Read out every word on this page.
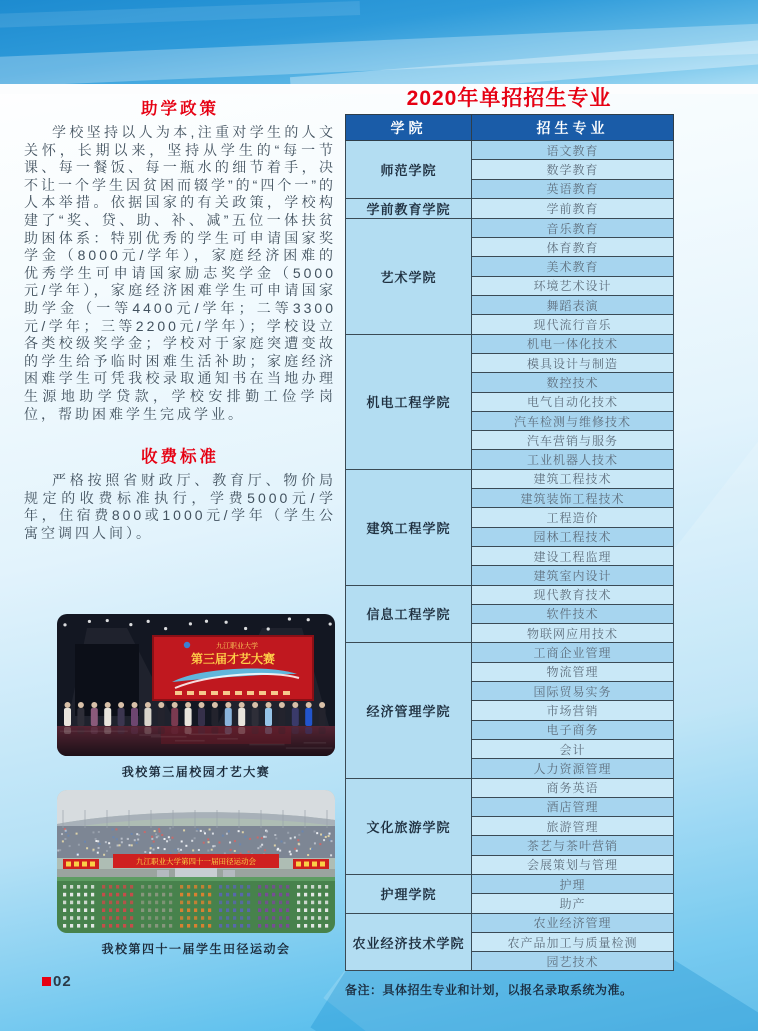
助学政策

学校坚持以人为本,注重对学生的人文关怀，长期以来，坚持从学生的“每一节课、每一餐饭、每一瓶水的细节着手，决不让一个学生因贫困而辍学”的“四个一”的人本举措。依据国家的有关政策，学校构建了“奖、贷、助、补、减”五位一体扶贫助困体系：特别优秀的学生可申请国家奖学金（8000元/学年），家庭经济困难的优秀学生可申请国家励志奖学金（5000元/学年），家庭经济困难学生可申请国家助学金（一等4400元/学年；二等3300元/学年；三等2200元/学年）；学校设立各类校级奖学金；学校对于家庭突遭变故的学生给予临时困难生活补助；家庭经济困难学生可凭我校录取通知书在当地办理生源地助学贷款，学校安排勤工俭学岗位，帮助困难学生完成学业。

收费标准

严格按照省财政厅、教育厅、物价局规定的收费标准执行，学费5000元/学年，住宿费800或1000元/学年（学生公寓空调四人间）。

九江职业大学
第三届才艺大赛
我校第三届校园才艺大赛
九江职业大学第四十一届田径运动会
我校第四十一届学生田径运动会
2020年单招招生专业
学院	招生专业
师范学院	语文教育
	数学教育
	英语教育
学前教育学院	学前教育
艺术学院	音乐教育
	体育教育
	美术教育
	环境艺术设计
	舞蹈表演
	现代流行音乐
机电工程学院	机电一体化技术
	模具设计与制造
	数控技术
	电气自动化技术
	汽车检测与维修技术
	汽车营销与服务
	工业机器人技术
建筑工程学院	建筑工程技术
	建筑装饰工程技术
	工程造价
	园林工程技术
	建设工程监理
	建筑室内设计
信息工程学院	现代教育技术
	软件技术
	物联网应用技术
经济管理学院	工商企业管理
	物流管理
	国际贸易实务
	市场营销
	电子商务
	会计
	人力资源管理
文化旅游学院	商务英语
	酒店管理
	旅游管理
	茶艺与茶叶营销
	会展策划与管理
护理学院	护理
	助产
农业经济技术学院	农业经济管理
	农产品加工与质量检测
	园艺技术

备注：具体招生专业和计划，以报名录取系统为准。

02
